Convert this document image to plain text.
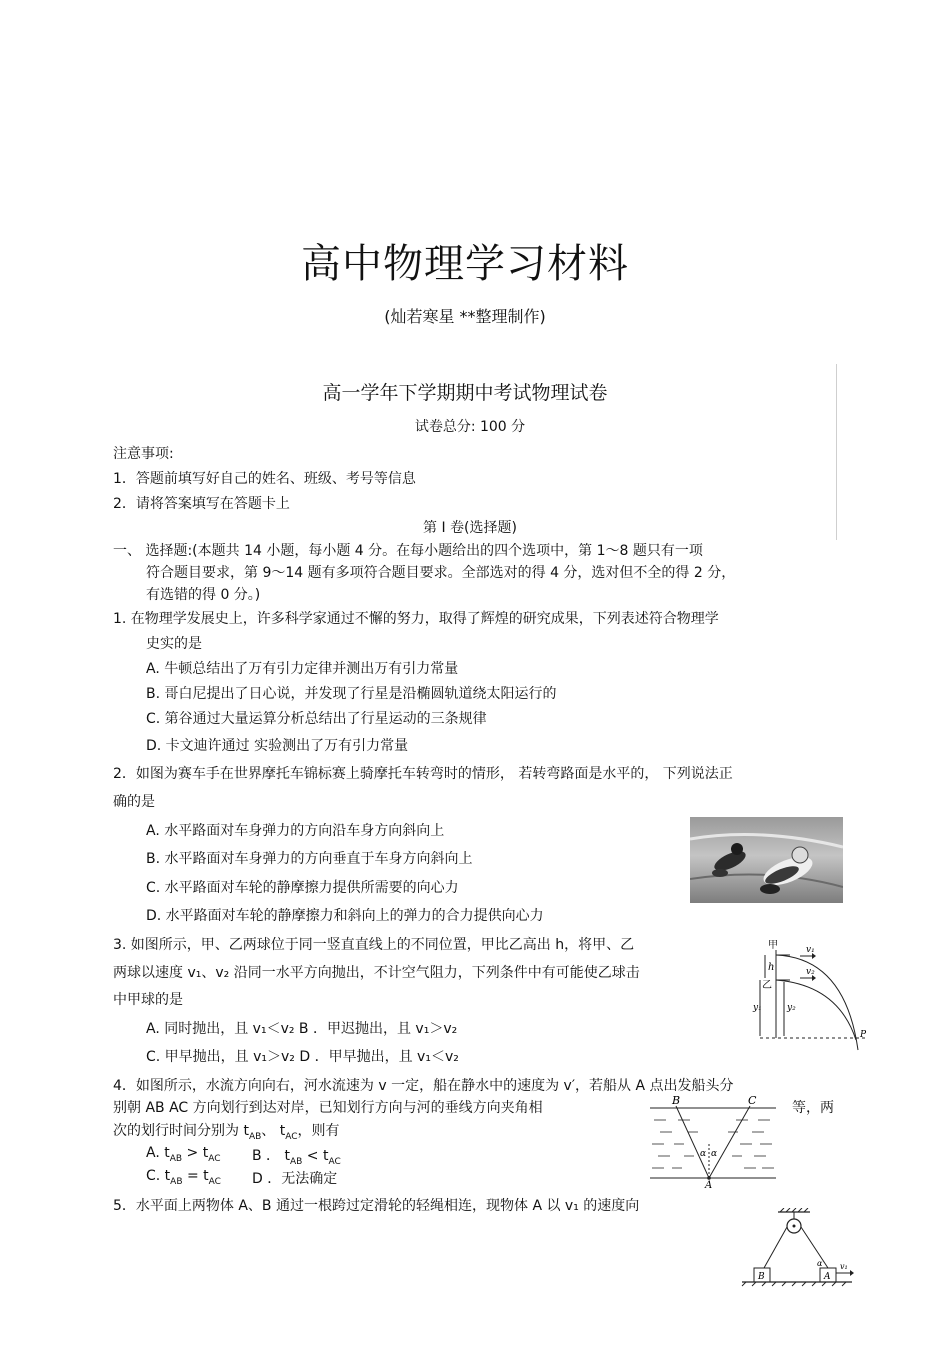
高中物理学习材料
(灿若寒星 **整理制作)
高一学年下学期期中考试物理试卷
试卷总分: 100 分
注意事项:
1．答题前填写好自己的姓名、班级、考号等信息
2．请将答案填写在答题卡上
第 Ⅰ 卷(选择题)
一、 选择题:(本题共 14 小题，每小题 4 分。在每小题给出的四个选项中，第 1～8 题只有一项
符合题目要求，第 9～14 题有多项符合题目要求。全部选对的得 4 分，选对但不全的得 2 分，
有选错的得 0 分。)
1. 在物理学发展史上，许多科学家通过不懈的努力，取得了辉煌的研究成果，下列表述符合物理学
史实的是
A. 牛顿总结出了万有引力定律并测出万有引力常量
B. 哥白尼提出了日心说，并发现了行星是沿椭圆轨道绕太阳运行的
C. 第谷通过大量运算分析总结出了行星运动的三条规律
D. 卡文迪许通过 实验测出了万有引力常量
2．如图为赛车手在世界摩托车锦标赛上骑摩托车转弯时的情形， 若转弯路面是水平的， 下列说法正
确的是
A. 水平路面对车身弹力的方向沿车身方向斜向上
B. 水平路面对车身弹力的方向垂直于车身方向斜向上
C. 水平路面对车轮的静摩擦力提供所需要的向心力
D. 水平路面对车轮的静摩擦力和斜向上的弹力的合力提供向心力
3. 如图所示，甲、乙两球位于同一竖直直线上的不同位置，甲比乙高出 h，将甲、乙
两球以速度 v₁、v₂ 沿同一水平方向抛出，不计空气阻力，下列条件中有可能使乙球击
中甲球的是
A. 同时抛出，且 v₁＜v₂ B ．甲迟抛出，且 v₁＞v₂
C. 甲早抛出，且 v₁＞v₂ D ．甲早抛出，且 v₁＜v₂
甲
乙
h
v₁
v₂
y₁	y₂
P
4．如图所示，水流方向向右，河水流速为 v 一定，船在静水中的速度为 v′，若船从 A 点出发船头分
别朝 AB AC 方向划行到达对岸，已知划行方向与河的垂线方向夹角相	等，两
次的划行时间分别为 $t_{AB}$、 $t_{AC}$，则有
A. $t_{AB} > t_{AC}$ B ． $t_{AB} < t_{AC}$
C. $t_{AB} = t_{AC}$ D ．无法确定
B	C
α α
A
5．水平面上两物体 A、B 通过一根跨过定滑轮的轻绳相连，现物体 A 以 v₁ 的速度向
B	A
α v₁
